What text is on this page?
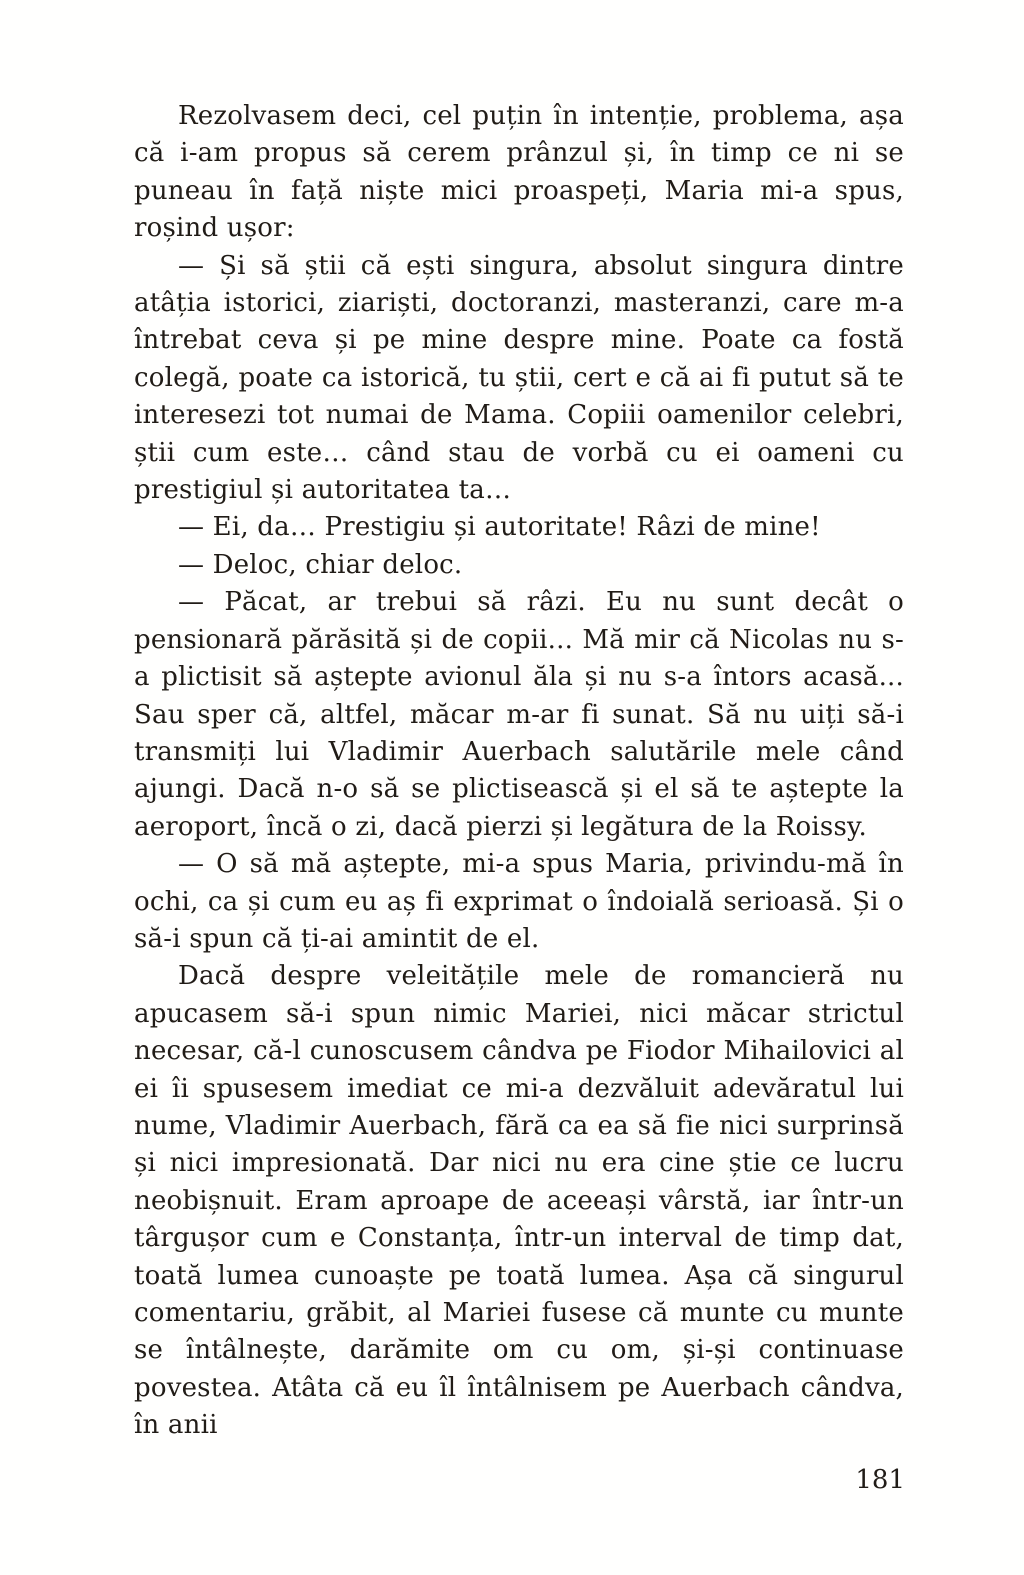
Rezolvasem deci, cel puțin în intenție, problema, așa că i-am propus să cerem prânzul și, în timp ce ni se puneau în față niște mici proaspeți, Maria mi-a spus, roșind ușor:

— Și să știi că ești singura, absolut singura dintre atâția istorici, ziariști, doctoranzi, masteranzi, care m-a întrebat ceva și pe mine despre mine. Poate ca fostă colegă, poate ca istorică, tu știi, cert e că ai fi putut să te interesezi tot numai de Mama. Copiii oamenilor celebri, știi cum este… când stau de vorbă cu ei oameni cu prestigiul și autoritatea ta…

— Ei, da… Prestigiu și autoritate! Râzi de mine!

— Deloc, chiar deloc.

— Păcat, ar trebui să râzi. Eu nu sunt decât o pensionară părăsită și de copii... Mă mir că Nicolas nu s-a plictisit să aștepte avionul ăla și nu s-a întors acasă... Sau sper că, altfel, măcar m-ar fi sunat. Să nu uiți să-i transmiți lui Vladimir Auerbach salutările mele când ajungi. Dacă n-o să se plictisească și el să te aștepte la aeroport, încă o zi, dacă pierzi și legătura de la Roissy.

— O să mă aștepte, mi-a spus Maria, privindu-mă în ochi, ca și cum eu aș fi exprimat o îndoială serioasă. Și o să-i spun că ți-ai amintit de el.

Dacă despre veleitățile mele de romancieră nu apucasem să-i spun nimic Mariei, nici măcar strictul necesar, că-l cunoscusem cândva pe Fiodor Mihailovici al ei îi spusesem imediat ce mi-a dezvăluit adevăratul lui nume, Vladimir Auerbach, fără ca ea să fie nici surprinsă și nici impresionată. Dar nici nu era cine știe ce lucru neobișnuit. Eram aproape de aceeași vârstă, iar într-un târgușor cum e Constanța, într-un interval de timp dat, toată lumea cunoaște pe toată lumea. Așa că singurul comentariu, grăbit, al Mariei fusese că munte cu munte se întâlnește, darămite om cu om, și-și continuase povestea. Atâta că eu îl întâlnisem pe Auerbach cândva, în anii

181
